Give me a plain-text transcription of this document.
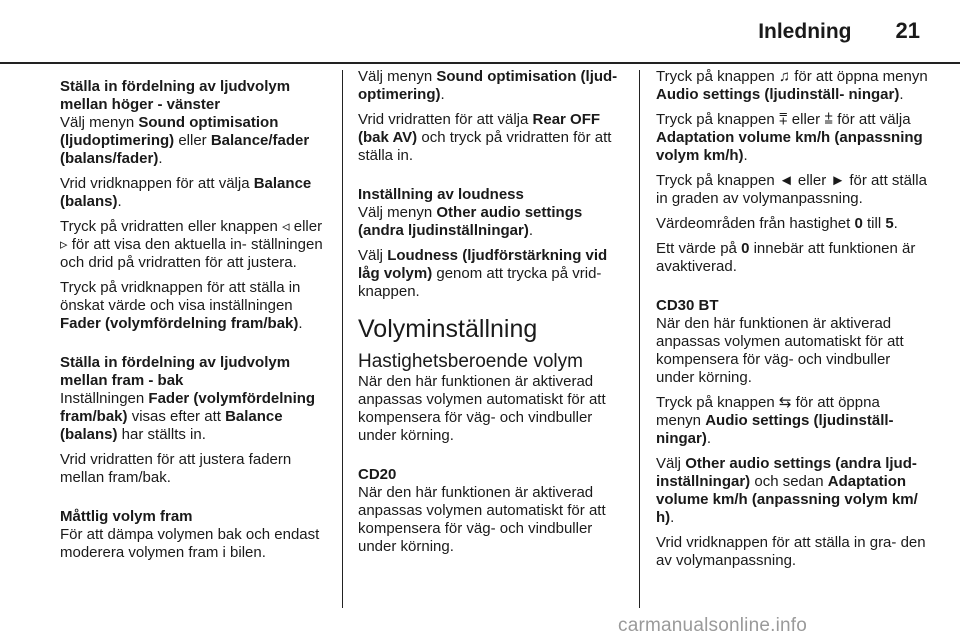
Inledning 21

Ställa in fördelning av ljudvolym mellan höger - vänster

Välj menyn Sound optimisation (ljudoptimering) eller Balance/fader (balans/fader).

Vrid vridknappen för att välja Balance (balans).

Tryck på vridratten eller knappen ◃ eller ▹ för att visa den aktuella in- ställningen och drid på vridratten för att justera.

Tryck på vridknappen för att ställa in önskat värde och visa inställningen Fader (volymfördelning fram/bak).

Ställa in fördelning av ljudvolym mellan fram - bak

Inställningen Fader (volymfördelning fram/bak) visas efter att Balance (balans) har ställts in.

Vrid vridratten för att justera fadern mellan fram/bak.

Måttlig volym fram

För att dämpa volymen bak och endast moderera volymen fram i bilen.

Välj menyn Sound optimisation (ljud- optimering).

Vrid vridratten för att välja Rear OFF (bak AV) och tryck på vridratten för att ställa in.

Inställning av loudness

Välj menyn Other audio settings (andra ljudinställningar).

Välj Loudness (ljudförstärkning vid låg volym) genom att trycka på vrid- knappen.

Volyminställning
Hastighetsberoende volym

När den här funktionen är aktiverad anpassas volymen automatiskt för att kompensera för väg- och vindbuller under körning.

CD20

När den här funktionen är aktiverad anpassas volymen automatiskt för att kompensera för väg- och vindbuller under körning.

Tryck på knappen ♫ för att öppna menyn Audio settings (ljudinställ- ningar).

Tryck på knappen ⩱ eller ⩲ för att välja Adaptation volume km/h (anpassning volym km/h).

Tryck på knappen ◄ eller ► för att ställa in graden av volymanpassning.

Värdeområden från hastighet 0 till 5.

Ett värde på 0 innebär att funktionen är avaktiverad.

CD30 BT

När den här funktionen är aktiverad anpassas volymen automatiskt för att kompensera för väg- och vindbuller under körning.

Tryck på knappen ⇆ för att öppna menyn Audio settings (ljudinställ- ningar).

Välj Other audio settings (andra ljud- inställningar) och sedan Adaptation volume km/h (anpassning volym km/ h).

Vrid vridknappen för att ställa in gra- den av volymanpassning.

carmanualsonline.info
